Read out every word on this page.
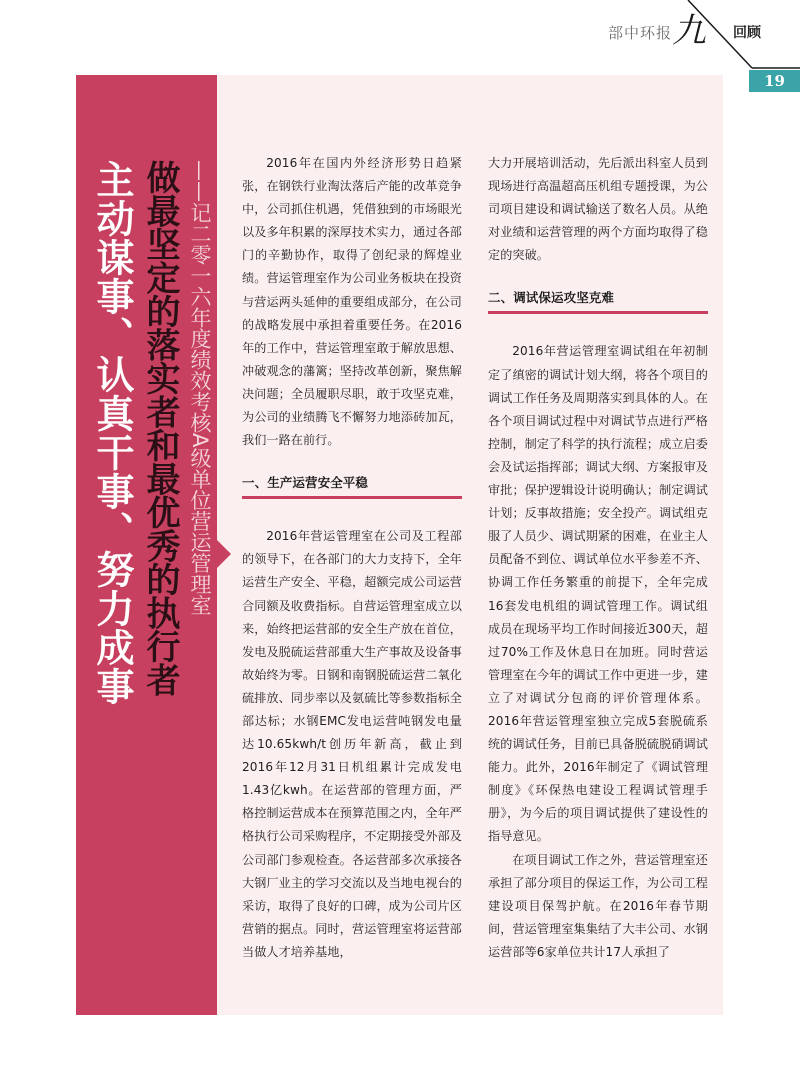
部中环报 九 回顾
19
主动谋事、认真干事、努力成事 做最坚定的落实者和最优秀的执行者 ——记二零一六年度绩效考核A级单位营运管理室	2016年在国内外经济形势日趋紧张，在钢铁行业淘汰落后产能的改革竞争中，公司抓住机遇，凭借独到的市场眼光以及多年积累的深厚技术实力，通过各部门的辛勤协作，取得了创纪录的辉煌业绩。营运管理室作为公司业务板块在投资与营运两头延伸的重要组成部分，在公司的战略发展中承担着重要任务。在2016年的工作中，营运管理室敢于解放思想、冲破观念的藩篱；坚持改革创新，聚焦解决问题；全员履职尽职，敢于攻坚克难，为公司的业绩腾飞不懈努力地添砖加瓦，我们一路在前行。

一、生产运营安全平稳

2016年营运管理室在公司及工程部的领导下，在各部门的大力支持下，全年运营生产安全、平稳，超额完成公司运营合同额及收费指标。自营运管理室成立以来，始终把运营部的安全生产放在首位，发电及脱硫运营部重大生产事故及设备事故始终为零。日钢和南钢脱硫运营二氧化硫排放、同步率以及氨硫比等参数指标全部达标；水钢EMC发电运营吨钢发电量达10.65kwh/t创历年新高，截止到2016年12月31日机组累计完成发电1.43亿kwh。在运营部的管理方面，严格控制运营成本在预算范围之内，全年严格执行公司采购程序，不定期接受外部及公司部门参观检查。各运营部多次承接各大钢厂业主的学习交流以及当地电视台的采访，取得了良好的口碑，成为公司片区营销的据点。同时，营运管理室将运营部当做人才培养基地，

大力开展培训活动，先后派出科室人员到现场进行高温超高压机组专题授课，为公司项目建设和调试输送了数名人员。从绝对业绩和运营管理的两个方面均取得了稳定的突破。

二、调试保运攻坚克难

2016年营运管理室调试组在年初制定了缜密的调试计划大纲，将各个项目的调试工作任务及周期落实到具体的人。在各个项目调试过程中对调试节点进行严格控制，制定了科学的执行流程；成立启委会及试运指挥部；调试大纲、方案报审及审批；保护逻辑设计说明确认；制定调试计划；反事故措施；安全投产。调试组克服了人员少、调试期紧的困难，在业主人员配备不到位、调试单位水平参差不齐、协调工作任务繁重的前提下，全年完成16套发电机组的调试管理工作。调试组成员在现场平均工作时间接近300天，超过70%工作及休息日在加班。同时营运管理室在今年的调试工作中更进一步，建立了对调试分包商的评价管理体系。2016年营运管理室独立完成5套脱硫系统的调试任务，目前已具备脱硫脱硝调试能力。此外，2016年制定了《调试管理制度》《环保热电建设工程调试管理手册》，为今后的项目调试提供了建设性的指导意见。

在项目调试工作之外，营运管理室还承担了部分项目的保运工作，为公司工程建设项目保驾护航。在2016年春节期间，营运管理室集集结了大丰公司、水钢运营部等6家单位共计17人承担了
